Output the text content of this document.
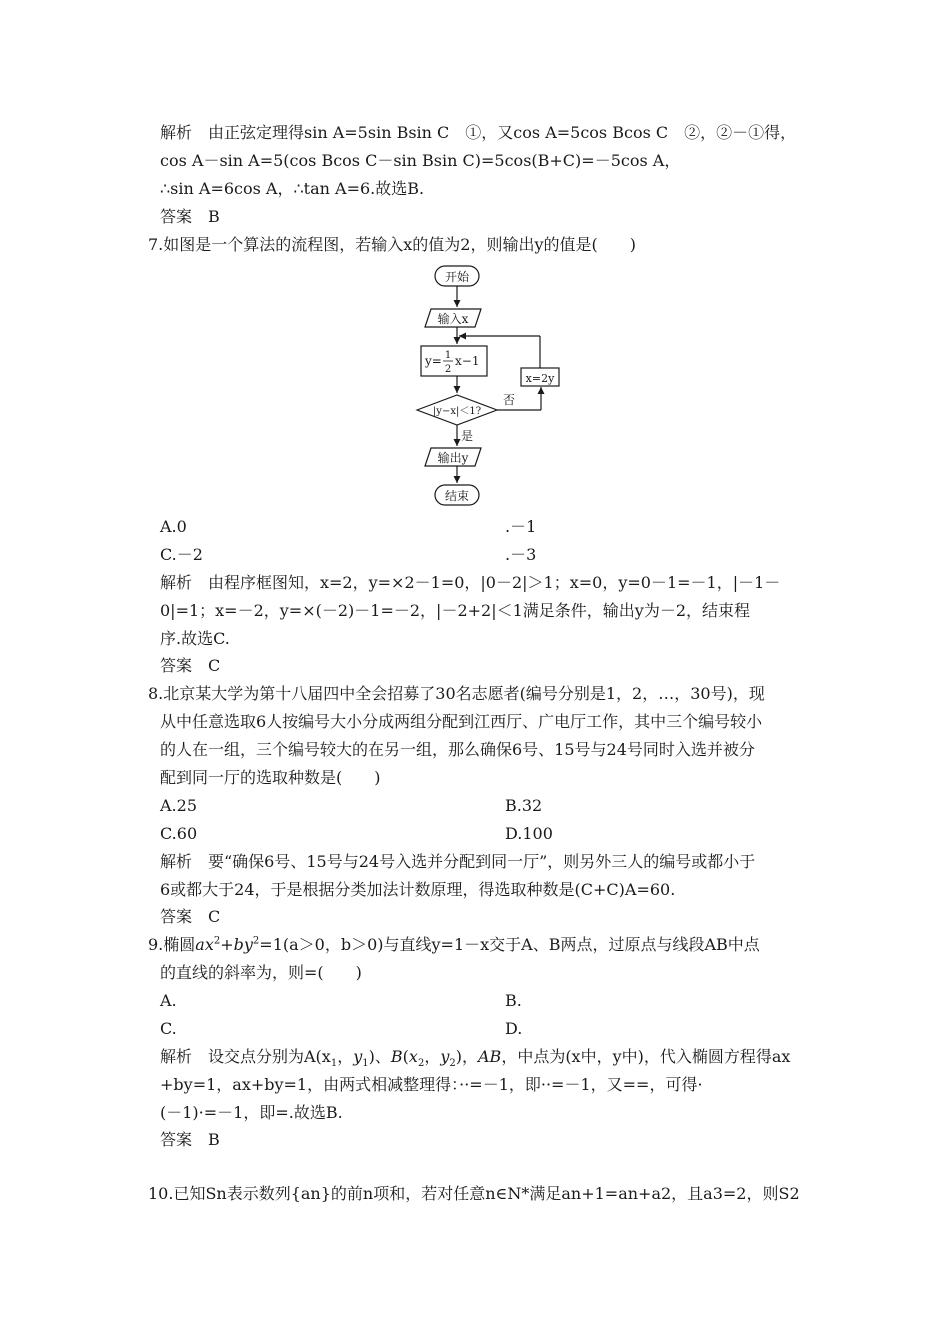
解析　由正弦定理得sin A=5sin Bsin C　①，又cos A=5cos Bcos C　②，②－①得，
cos A－sin A=5(cos Bcos C－sin Bsin C)=5cos(B+C)=－5cos A，
∴sin A=6cos A，∴tan A=6.故选B.
答案　B
7.如图是一个算法的流程图，若输入x的值为2，则输出y的值是(　　)
开始
输入x
y= 1
2
x−1
|y−x|＜1?
否
x=2y
是
输出y
结束
A.0	.－1
C.－2	.－3
解析　由程序框图知，x=2，y=×2－1=0，|0－2|＞1；x=0，y=0－1=－1，|－1－
0|=1；x=－2，y=×(－2)－1=－2，|－2+2|＜1满足条件，输出y为－2，结束程
序.故选C.
答案　C
8.北京某大学为第十八届四中全会招募了30名志愿者(编号分别是1，2，…，30号)，现
从中任意选取6人按编号大小分成两组分配到江西厅、广电厅工作，其中三个编号较小
的人在一组，三个编号较大的在另一组，那么确保6号、15号与24号同时入选并被分
配到同一厅的选取种数是(　　)
A.25	B.32
C.60	D.100
解析　要“确保6号、15号与24号入选并分配到同一厅”，则另外三人的编号或都小于
6或都大于24，于是根据分类加法计数原理，得选取种数是(C+C)A=60.
答案　C
9.椭圆$ax^2+by^2=1(a>0$，b＞0)与直线y=1－x交于A、B两点，过原点与线段AB中点
的直线的斜率为，则=(　　)
A.	B.
C.	D.
解析　设交点分别为$A(x_1$，$y_1$)、$B(x_2$，$y_2$)，AB，中点为(x中，y中)，代入椭圆方程得ax
+by=1，ax+by=1，由两式相减整理得：··=－1，即··=－1，又==，可得·
(－1)·=－1，即=.故选B.
答案　B
10.已知Sn表示数列{an}的前n项和，若对任意n∈N*满足an+1=an+a2，且a3=2，则S2
